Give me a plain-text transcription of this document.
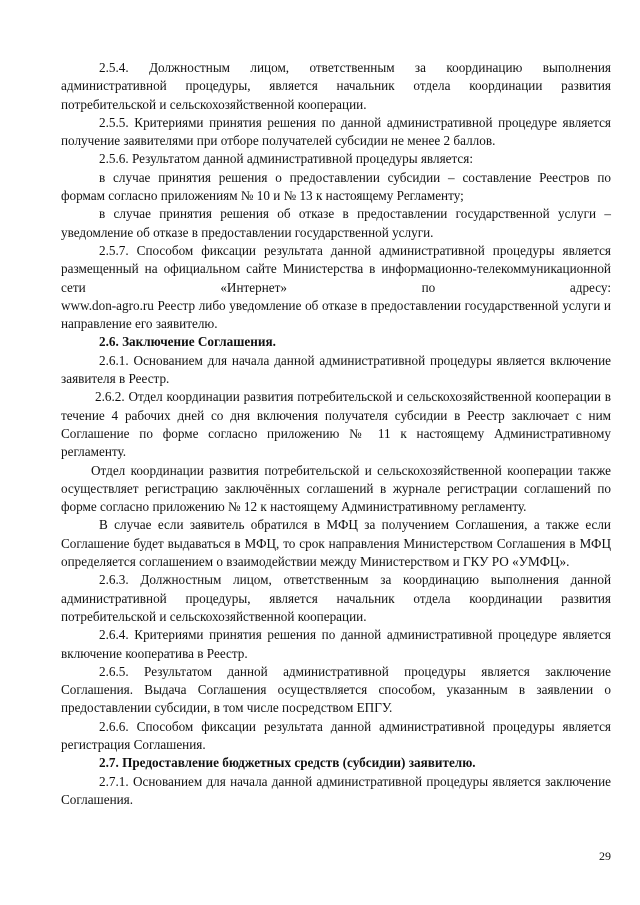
2.5.4. Должностным лицом, ответственным за координацию выполнения административной процедуры, является начальник отдела координации развития потребительской и сельскохозяйственной кооперации.

2.5.5. Критериями принятия решения по данной административной процедуре является получение заявителями при отборе получателей субсидии не менее 2 баллов.

2.5.6. Результатом данной административной процедуры является:

в случае принятия решения о предоставлении субсидии – составление Реестров по формам согласно приложениям № 10 и № 13 к настоящему Регламенту;

в случае принятия решения об отказе в предоставлении государственной услуги – уведомление об отказе в предоставлении государственной услуги.

2.5.7. Способом фиксации результата данной административной процедуры является размещенный на официальном сайте Министерства в информационно-телекоммуникационной сети «Интернет» по адресу:

www.don-agro.ru Реестр либо уведомление об отказе в предоставлении государственной услуги и направление его заявителю.

2.6. Заключение Соглашения.

2.6.1. Основанием для начала данной административной процедуры является включение заявителя в Реестр.

2.6.2. Отдел координации развития потребительской и сельскохозяйственной кооперации в течение 4 рабочих дней со дня включения получателя субсидии в Реестр заключает с ним Соглашение по форме согласно приложению № 11 к настоящему Административному регламенту.

Отдел координации развития потребительской и сельскохозяйственной кооперации также осуществляет регистрацию заключённых соглашений в журнале регистрации соглашений по форме согласно приложению № 12 к настоящему Административному регламенту.

В случае если заявитель обратился в МФЦ за получением Соглашения, а также если Соглашение будет выдаваться в МФЦ, то срок направления Министерством Соглашения в МФЦ определяется соглашением о взаимодействии между Министерством и ГКУ РО «УМФЦ».

2.6.3. Должностным лицом, ответственным за координацию выполнения данной административной процедуры, является начальник отдела координации развития потребительской и сельскохозяйственной кооперации.

2.6.4. Критериями принятия решения по данной административной процедуре является включение кооператива в Реестр.

2.6.5. Результатом данной административной процедуры является заключение Соглашения. Выдача Соглашения осуществляется способом, указанным в заявлении о предоставлении субсидии, в том числе посредством ЕПГУ.

2.6.6. Способом фиксации результата данной административной процедуры является регистрация Соглашения.

2.7. Предоставление бюджетных средств (субсидии) заявителю.

2.7.1. Основанием для начала данной административной процедуры является заключение Соглашения.

29
